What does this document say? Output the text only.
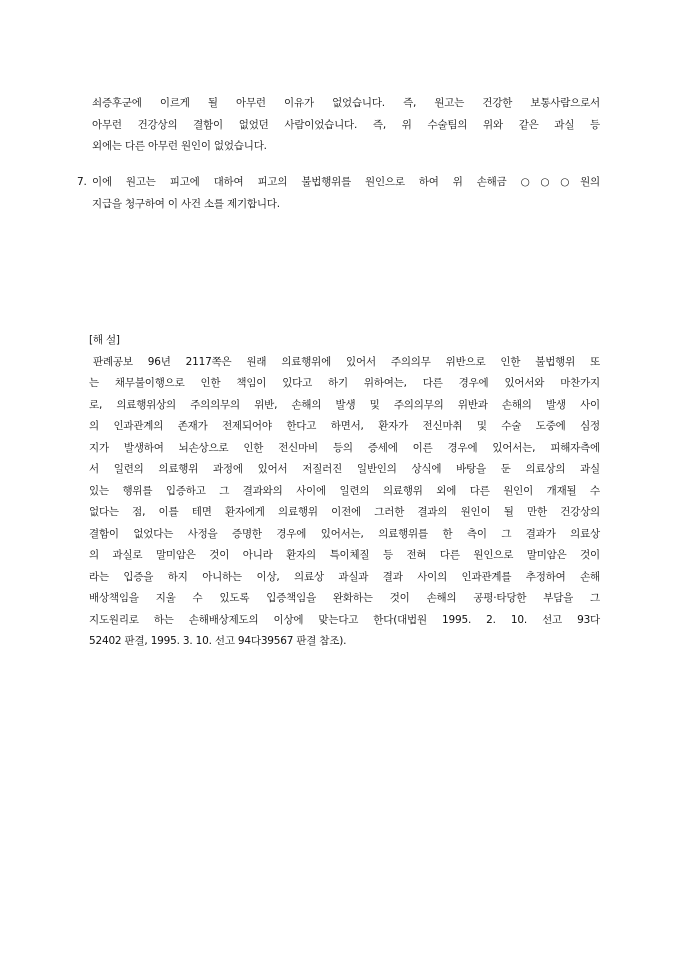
쇠증후군에 이르게 될 아무런 이유가 없었습니다. 즉, 원고는 건강한 보통사람으로서
아무런 건강상의 결함이 없었던 사람이었습니다. 즉, 위 수술팀의 위와 같은 과실 등
외에는 다른 아무런 원인이 없었습니다.
7. 이에 원고는 피고에 대하여 피고의 불법행위를 원인으로 하여 위 손해금 ○○○원의
지급을 청구하여 이 사건 소를 제기합니다.
[해 설]
판례공보 96년 2117쪽은 원래 의료행위에 있어서 주의의무 위반으로 인한 불법행위 또
는 채무불이행으로 인한 책임이 있다고 하기 위하여는, 다른 경우에 있어서와 마찬가지
로, 의료행위상의 주의의무의 위반, 손해의 발생 및 주의의무의 위반과 손해의 발생 사이
의 인과관계의 존재가 전제되어야 한다고 하면서, 환자가 전신마취 및 수술 도중에 심정
지가 발생하여 뇌손상으로 인한 전신마비 등의 증세에 이른 경우에 있어서는, 피해자측에
서 일련의 의료행위 과정에 있어서 저질러진 일반인의 상식에 바탕을 둔 의료상의 과실
있는 행위를 입증하고 그 결과와의 사이에 일련의 의료행위 외에 다른 원인이 개재될 수
없다는 점, 이를 테면 환자에게 의료행위 이전에 그러한 결과의 원인이 될 만한 건강상의
결함이 없었다는 사정을 증명한 경우에 있어서는, 의료행위를 한 측이 그 결과가 의료상
의 과실로 말미암은 것이 아니라 환자의 특이체질 등 전혀 다른 원인으로 말미암은 것이
라는 입증을 하지 아니하는 이상, 의료상 과실과 결과 사이의 인과관계를 추정하여 손해
배상책임을 지울 수 있도록 입증책임을 완화하는 것이 손해의 공평·타당한 부담을 그
지도원리로 하는 손해배상제도의 이상에 맞는다고 한다(대법원 1995. 2. 10. 선고 93다
52402 판결, 1995. 3. 10. 선고 94다39567 판결 참조).
